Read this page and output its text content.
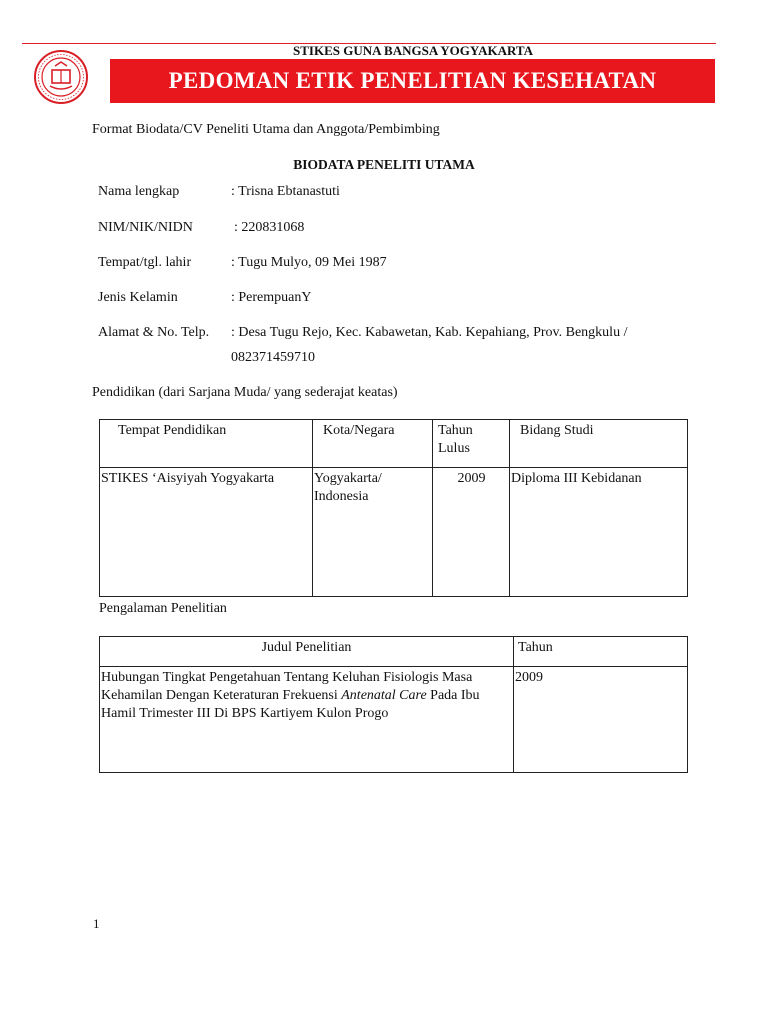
STIKES GUNA BANGSA YOGYAKARTA
PEDOMAN ETIK PENELITIAN KESEHATAN
Format Biodata/CV Peneliti Utama dan Anggota/Pembimbing
BIODATA PENELITI UTAMA
Nama lengkap	: Trisna Ebtanastuti
NIM/NIK/NIDN	: 220831068
Tempat/tgl. lahir	: Tugu Mulyo, 09 Mei 1987
Jenis Kelamin	: PerempuanY
Alamat & No. Telp. : Desa Tugu Rejo, Kec. Kabawetan, Kab. Kepahiang, Prov. Bengkulu /
082371459710
Pendidikan (dari Sarjana Muda/ yang sederajat keatas)
Tempat Pendidikan	Kota/Negara	Tahun Lulus	Bidang Studi
STIKES ‘Aisyiyah Yogyakarta	Yogyakarta/ Indonesia	2009	Diploma III Kebidanan
Pengalaman Penelitian
Judul Penelitian	Tahun
Hubungan Tingkat Pengetahuan Tentang Keluhan Fisiologis Masa Kehamilan Dengan Keteraturan Frekuensi Antenatal Care Pada Ibu Hamil Trimester III Di BPS Kartiyem Kulon Progo	2009
1
